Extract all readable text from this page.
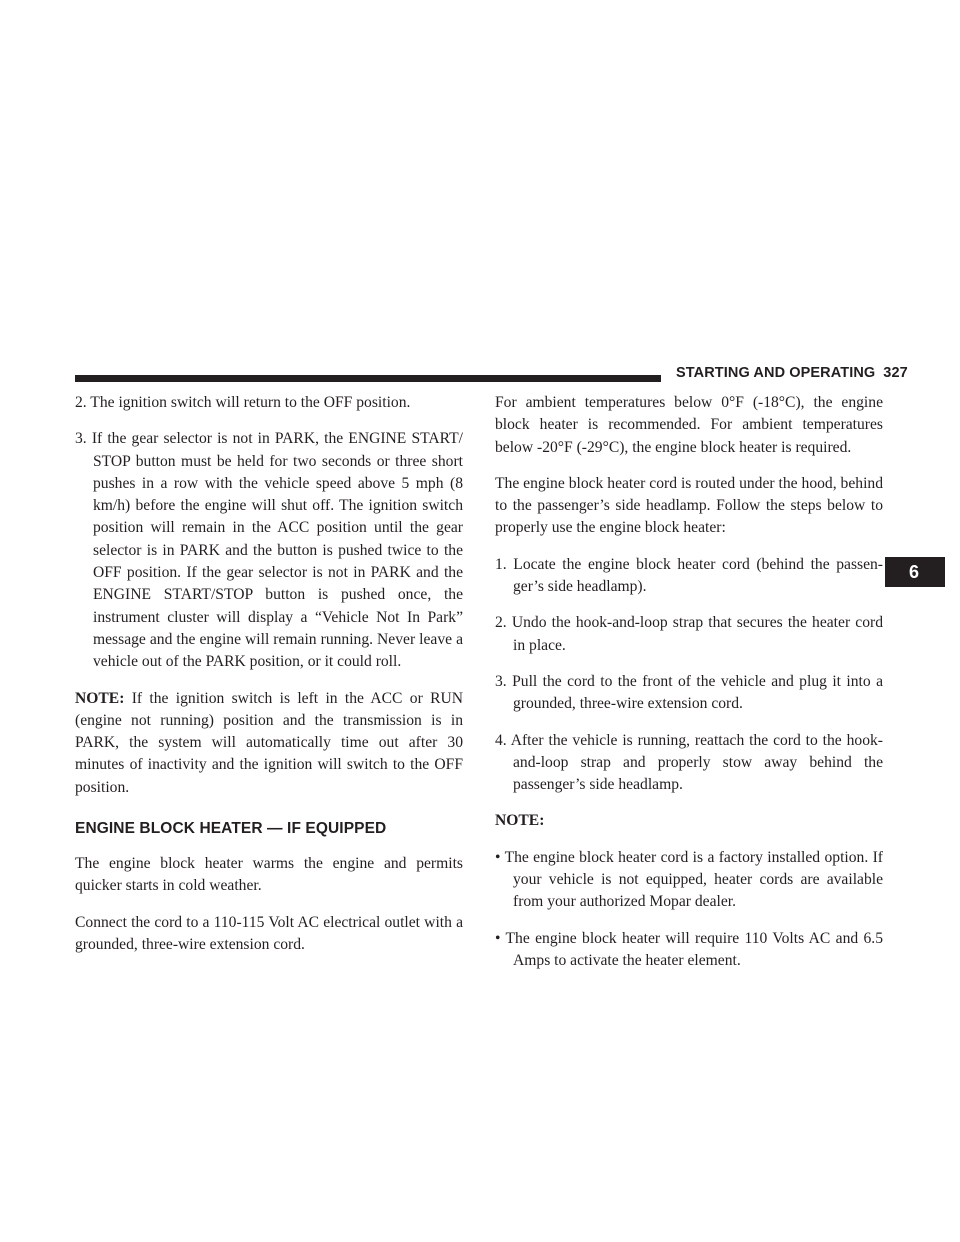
STARTING AND OPERATING 327
6

2. The ignition switch will return to the OFF position.

3. If the gear selector is not in PARK, the ENGINE START/ STOP button must be held for two seconds or three short pushes in a row with the vehicle speed above 5 mph (8 km/h) before the engine will shut off. The ignition switch position will remain in the ACC position until the gear selector is in PARK and the button is pushed twice to the OFF position. If the gear selector is not in PARK and the ENGINE START/STOP button is pushed once, the instrument cluster will display a “Vehicle Not In Park” message and the engine will remain running. Never leave a vehicle out of the PARK position, or it could roll.

NOTE: If the ignition switch is left in the ACC or RUN (engine not running) position and the transmission is in PARK, the system will automatically time out after 30 minutes of inactivity and the ignition will switch to the OFF position.

ENGINE BLOCK HEATER — IF EQUIPPED

The engine block heater warms the engine and permits quicker starts in cold weather.

Connect the cord to a 110-115 Volt AC electrical outlet with a grounded, three-wire extension cord.

For ambient temperatures below 0°F (-18°C), the engine block heater is recommended. For ambient temperatures below -20°F (-29°C), the engine block heater is required.

The engine block heater cord is routed under the hood, behind to the passenger’s side headlamp. Follow the steps below to properly use the engine block heater:

1. Locate the engine block heater cord (behind the passen- ger’s side headlamp).

2. Undo the hook-and-loop strap that secures the heater cord in place.

3. Pull the cord to the front of the vehicle and plug it into a grounded, three-wire extension cord.

4. After the vehicle is running, reattach the cord to the hook-and-loop strap and properly stow away behind the passenger’s side headlamp.

NOTE:

• The engine block heater cord is a factory installed option. If your vehicle is not equipped, heater cords are available from your authorized Mopar dealer.

• The engine block heater will require 110 Volts AC and 6.5 Amps to activate the heater element.
